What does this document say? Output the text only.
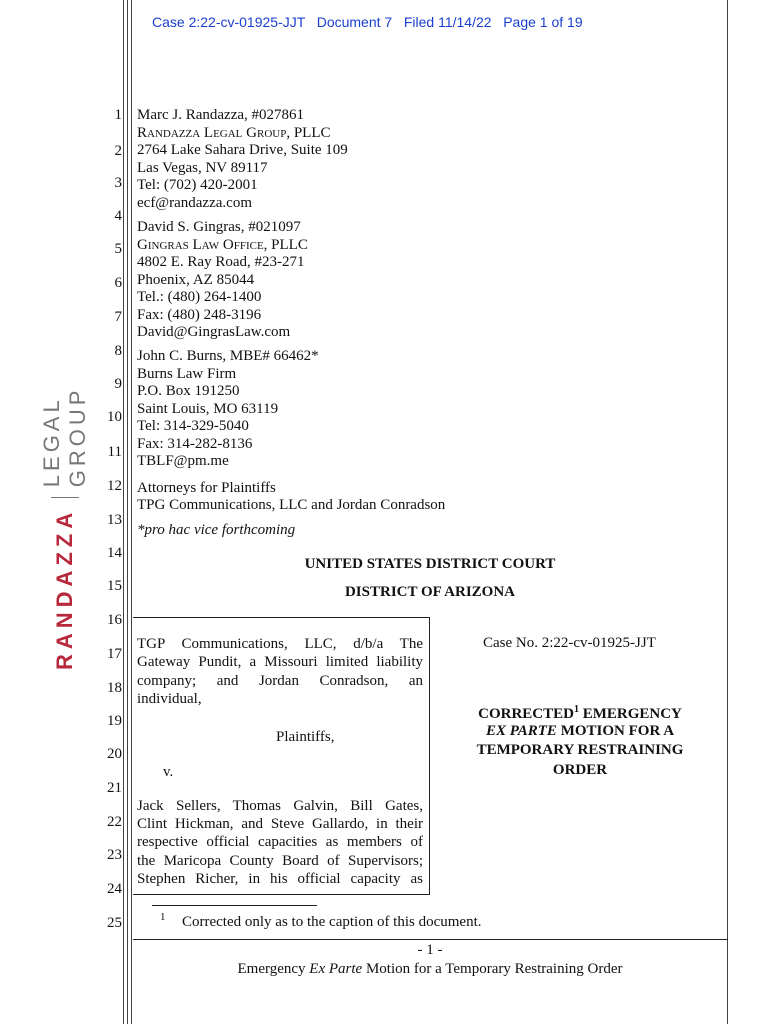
Case 2:22-cv-01925-JJT   Document 7   Filed 11/14/22   Page 1 of 19
RANDAZZA
LEGAL GROUP
1
2
3
4
5
6
7
8
9
10
11
12
13
14
15
16
17
18
19
20
21
22
23
24
25
Marc J. Randazza, #027861
Randazza Legal Group, PLLC
2764 Lake Sahara Drive, Suite 109
Las Vegas, NV 89117
Tel: (702) 420-2001
ecf@randazza.com
David S. Gingras, #021097
Gingras Law Office, PLLC
4802 E. Ray Road, #23-271
Phoenix, AZ 85044
Tel.: (480) 264-1400
Fax: (480) 248-3196
David@GingrasLaw.com
John C. Burns, MBE# 66462*
Burns Law Firm
P.O. Box 191250
Saint Louis, MO 63119
Tel: 314-329-5040
Fax: 314-282-8136
TBLF@pm.me
Attorneys for Plaintiffs
TPG Communications, LLC and Jordan Conradson
*pro hac vice forthcoming
UNITED STATES DISTRICT COURT
DISTRICT OF ARIZONA
TGP Communications, LLC, d/b/a The
Gateway Pundit, a Missouri limited liability
company; and Jordan Conradson, an
individual,
Plaintiffs,
v.
Jack Sellers, Thomas Galvin, Bill Gates,
Clint Hickman, and Steve Gallardo, in their
respective official capacities as members of
the Maricopa County Board of Supervisors;
Stephen Richer, in his official capacity as
Case No. 2:22-cv-01925-JJT
CORRECTED$^1$ EMERGENCY
EX PARTE MOTION FOR A
TEMPORARY RESTRAINING
ORDER
1 Corrected only as to the caption of this document.
- 1 -
Emergency Ex Parte Motion for a Temporary Restraining Order
